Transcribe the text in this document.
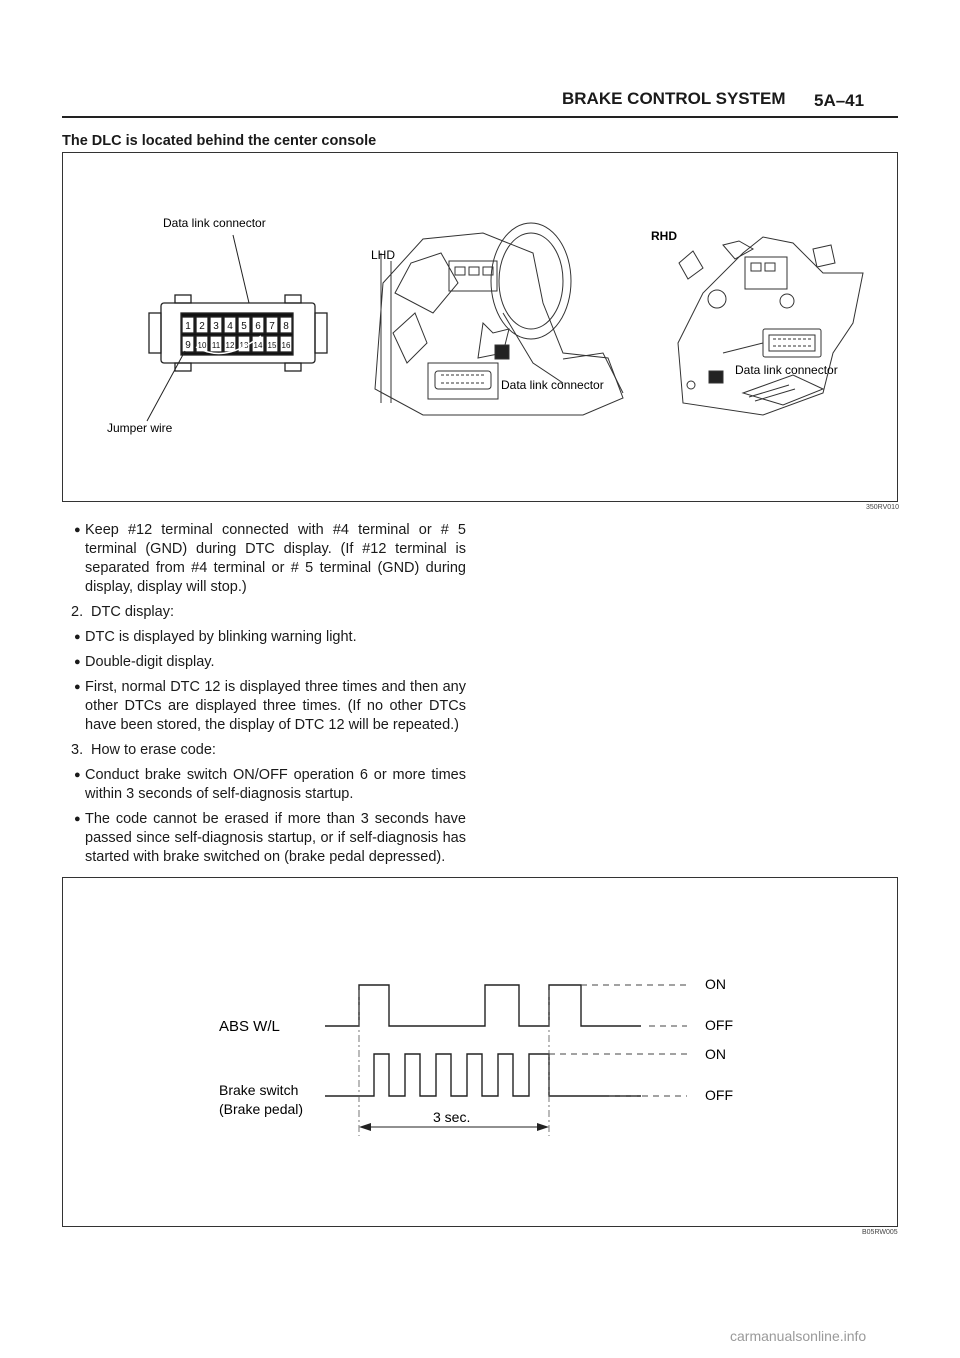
BRAKE CONTROL SYSTEM 5A–41
The DLC is located behind the center console
1 2 3 4 5 6 7 8
9 10 11 12 13 14 15 16
Data link connector
Jumper wire
LHD
Data link connector
RHD
Data link connector
350RV010
● Keep #12 terminal connected with #4 terminal or # 5 terminal (GND) during DTC display. (If #12 terminal is separated from #4 terminal or # 5 terminal (GND) during display, display will stop.)
2. DTC display:
● DTC is displayed by blinking warning light.
● Double-digit display.
● First, normal DTC 12 is displayed three times and then any other DTCs are displayed three times. (If no other DTCs have been stored, the display of DTC 12 will be repeated.)
3. How to erase code:
● Conduct brake switch ON/OFF operation 6 or more times within 3 seconds of self-diagnosis startup.
● The code cannot be erased if more than 3 seconds have passed since self-diagnosis startup, or if self-diagnosis has started with brake switched on (brake pedal depressed).
ABS W/L
Brake switch
(Brake pedal)
ON
OFF
ON
OFF
3 sec.
B05RW005
carmanualsonline.info
